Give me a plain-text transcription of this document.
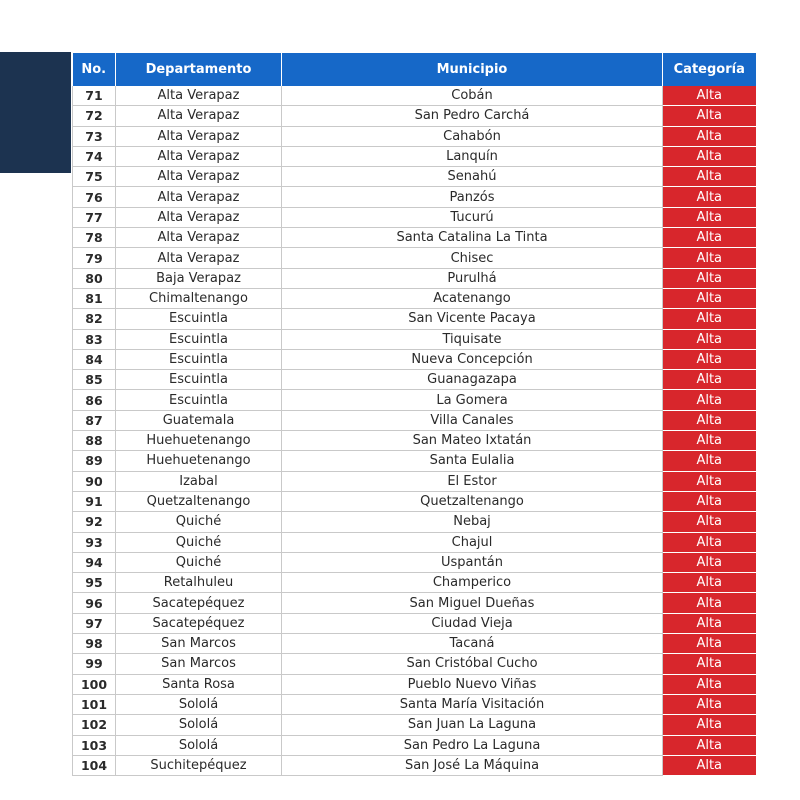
No.	Departamento	Municipio	Categoría
71	Alta Verapaz	Cobán	Alta
72	Alta Verapaz	San Pedro Carchá	Alta
73	Alta Verapaz	Cahabón	Alta
74	Alta Verapaz	Lanquín	Alta
75	Alta Verapaz	Senahú	Alta
76	Alta Verapaz	Panzós	Alta
77	Alta Verapaz	Tucurú	Alta
78	Alta Verapaz	Santa Catalina La Tinta	Alta
79	Alta Verapaz	Chisec	Alta
80	Baja Verapaz	Purulhá	Alta
81	Chimaltenango	Acatenango	Alta
82	Escuintla	San Vicente Pacaya	Alta
83	Escuintla	Tiquisate	Alta
84	Escuintla	Nueva Concepción	Alta
85	Escuintla	Guanagazapa	Alta
86	Escuintla	La Gomera	Alta
87	Guatemala	Villa Canales	Alta
88	Huehuetenango	San Mateo Ixtatán	Alta
89	Huehuetenango	Santa Eulalia	Alta
90	Izabal	El Estor	Alta
91	Quetzaltenango	Quetzaltenango	Alta
92	Quiché	Nebaj	Alta
93	Quiché	Chajul	Alta
94	Quiché	Uspantán	Alta
95	Retalhuleu	Champerico	Alta
96	Sacatepéquez	San Miguel Dueñas	Alta
97	Sacatepéquez	Ciudad Vieja	Alta
98	San Marcos	Tacaná	Alta
99	San Marcos	San Cristóbal Cucho	Alta
100	Santa Rosa	Pueblo Nuevo Viñas	Alta
101	Sololá	Santa María Visitación	Alta
102	Sololá	San Juan La Laguna	Alta
103	Sololá	San Pedro La Laguna	Alta
104	Suchitepéquez	San José La Máquina	Alta
